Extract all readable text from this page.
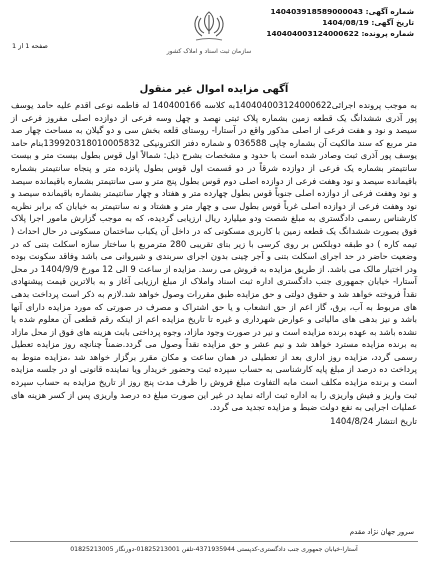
شماره آگهی: 140403918589000043
تاریخ آگهی: 1404/08/19
شماره پرونده: 140404003124000622
صفحه 1 از 1
سازمان ثبت اسناد و املاک کشور
آگهی مزایده اموال غیر منقول

به موجب پرونده اجرائی140404003124000622به کلاسه 140400166 له فاطمه نوعی اقدم علیه حامد یوسف پور آذری ششدانگ یک قطعه زمین بشماره پلاک ثبتی نهصد و چهل وسه فرعی از دوازده اصلی مفروز فرعی از سیصد و نود و هفت فرعی از اصلی مذکور واقع در آستارا- روستای قلعه بخش سی و دو گیلان به مساحت چهار صد متر مربع که سند مالکیت آن بشماره چاپی 036588 و شماره دفتر الکترونیکی 139920318010005832بنام حامد یوسف پور آذری ثبت وصادر شده است با حدود و مشخصات بشرح ذیل: شمالاً اول قوس بطول بیست متر و بیست سانتیمتر بشماره یک فرعی از دوازده شرقاً در دو قسمت اول قوس بطول پانزده متر و پنجاه سانتیمتر بشماره باقیمانده سیصد و نود وهفت فرعی از دوازده اصلی دوم قوس بطول پنج متر و سی سانتیمتر بشماره باقیمانده سیصد و نود وهفت فرعی از دوازده اصلی جنوباً قوس بطول چهارده متر و هفتاد و چهار سانتیمتر بشماره باقیمانده سیصد و نود وهفت فرعی از دوازده اصلی غرباً قوس بطول سی و چهار متر و هشتاد و نه سانتیمتر به خیابان که برابر نظریه کارشناس رسمی دادگستری به مبلغ شصت ودو میلیارد ریال ارزیابی گردیده، که به موجب گزارش مامور اجرا پلاک فوق بصورت ششدانگ یک قطعه زمین با کاربری مسکونی که در داخل آن یکباب ساختمان مسکونی در حال احداث ( تیمه کاره ) دو طبقه دوبلکس بر روی کرسی با زیر بنای تقریبی 280 مترمربع با ساختار سازه اسکلت بتنی که در وضعیت حاضر در حد اجرای اسکلت بتنی و آجر چینی بدون اجرای سربندی و شیروانی می باشد وفاقد سکونت بوده ودر اختیار مالک می باشد. از طریق مزایده به فروش می رسد. مزایده از ساعت 9 الی 12 مورخ 1404/9/9 در محل آستارا- خیابان جمهوری جنب دادگستری اداره ثبت اسناد واملاک از مبلغ ارزیابی آغاز و به بالاترین قیمت پیشنهادی نقداً فروخته خواهد شد و حقوق دولتی و حق مزایده طبق مقررات وصول خواهد شد.لازم به ذکر است پرداخت بدهی های مربوط به آب، برق، گاز اعم از حق انشعاب و یا حق اشتراک و مصرف در صورتی که مورد مزایده دارای آنها باشد و نیز بدهی های مالیاتی و عوارض شهرداری و غیره تا تاریخ مزایده اعم از اینکه رقم قطعی آن معلوم شده یا نشده باشد به عهده برنده مزایده است و نیر در صورت وجود مازاد، وجوه پرداختی بابت هزینه های فوق از محل مازاد به برنده مزایده مسترد خواهد شد و نیم عشر و حق مزایده نقداً وصول می گردد.ضمناً چنانچه روز مزایده تعطیل رسمی گردد، مزایده روز اداری بعد از تعطیلی در همان ساعت و مکان مقرر برگزار خواهد شد ،مزایده منوط به پرداخت ده درصد از مبلغ پایه کارشناسی به حساب سپرده ثبت وحضور خریدار ویا نماینده قانونی او در جلسه مزایده است و برنده مزایده مکلف است مابه التفاوت مبلغ فروش را ظرف مدت پنج روز از تاریخ مزایده به حساب سپرده ثبت واریز و فیش واریزی را به اداره ثبت ارائه نماید در غیر این صورت مبلغ ده درصد واریزی پس از کسر هزینه های عملیات اجرایی به نفع دولت ضبط و مزایده تجدید می گردد.

تاریخ انتشار 1404/8/24
سرور جهان نژاد مقدم
آستارا-خیابان جمهوری جنب دادگستری-کدپستی 4371935944-تلفن 01825213001-دورنگار 01825213005
